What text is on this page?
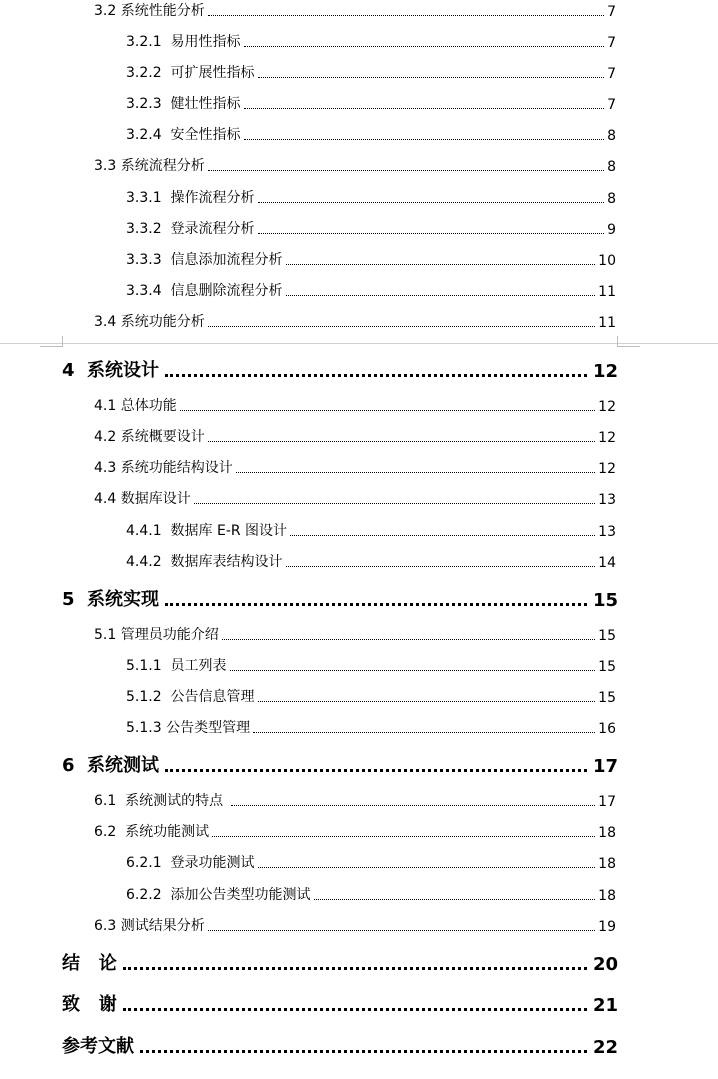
3.2 系统性能分析	7
3.2.1  易用性指标	7
3.2.2  可扩展性指标	7
3.2.3  健壮性指标	7
3.2.4  安全性指标	8
3.3 系统流程分析	8
3.3.1  操作流程分析	8
3.3.2  登录流程分析	9
3.3.3  信息添加流程分析	10
3.3.4  信息删除流程分析	11
3.4 系统功能分析	11
4  系统设计	12
4.1 总体功能	12
4.2 系统概要设计	12
4.3 系统功能结构设计	12
4.4 数据库设计	13
4.4.1  数据库 E-R 图设计	13
4.4.2  数据库表结构设计	14
5  系统实现	15
5.1 管理员功能介绍	15
5.1.1  员工列表	15
5.1.2  公告信息管理	15
5.1.3 公告类型管理	16
6  系统测试	17
6.1  系统测试的特点	17
6.2  系统功能测试	18
6.2.1  登录功能测试	18
6.2.2  添加公告类型功能测试	18
6.3 测试结果分析	19
结   论	20
致   谢	21
参考文献	22
